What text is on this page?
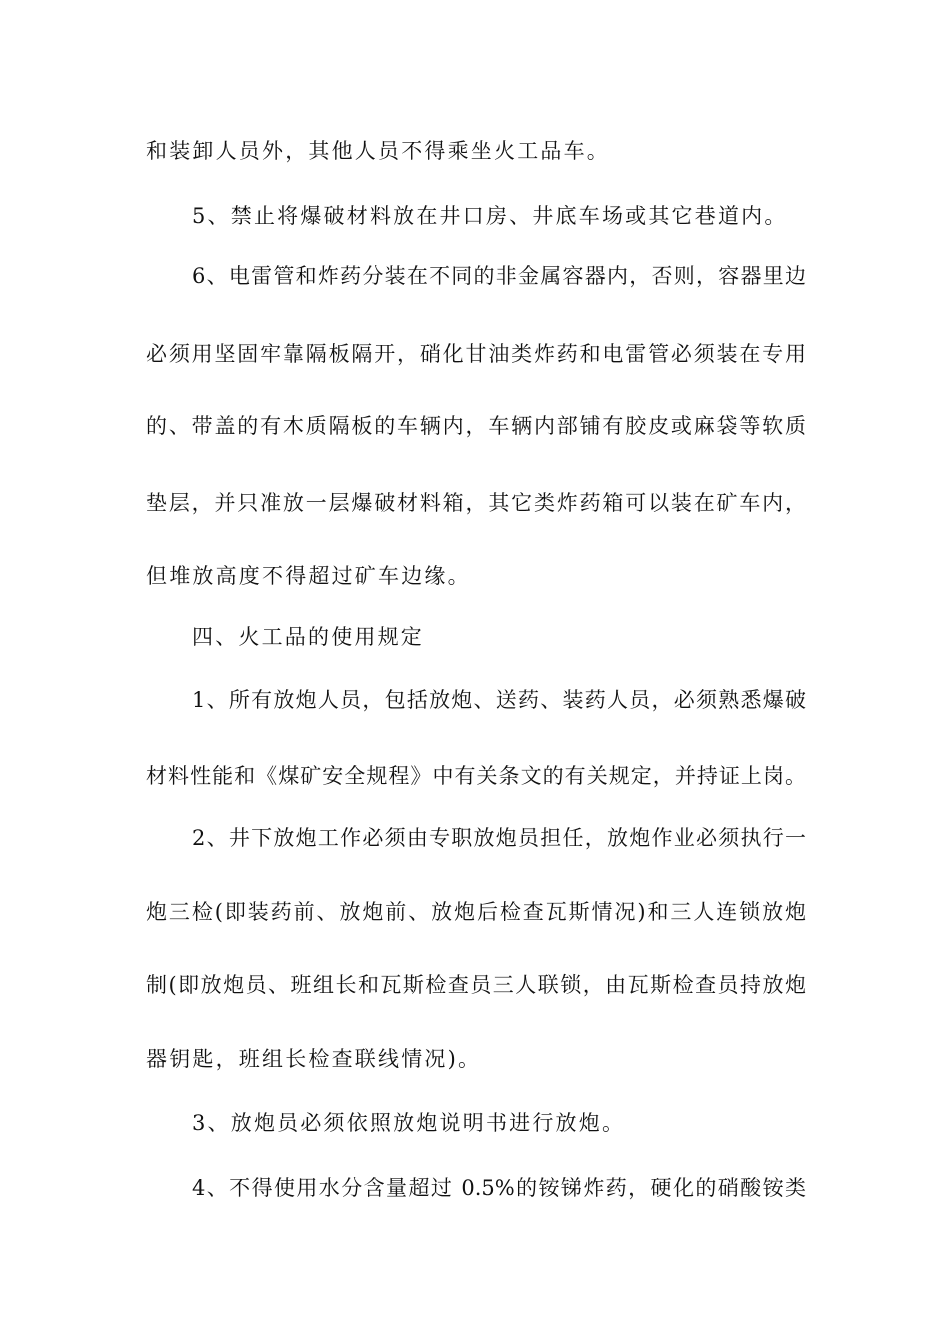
和装卸人员外，其他人员不得乘坐火工品车。
5、禁止将爆破材料放在井口房、井底车场或其它巷道内。
6、电雷管和炸药分装在不同的非金属容器内，否则，容器里边
必须用坚固牢靠隔板隔开，硝化甘油类炸药和电雷管必须装在专用
的、带盖的有木质隔板的车辆内，车辆内部铺有胶皮或麻袋等软质
垫层，并只准放一层爆破材料箱，其它类炸药箱可以装在矿车内，
但堆放高度不得超过矿车边缘。
四、火工品的使用规定
1、所有放炮人员，包括放炮、送药、装药人员，必须熟悉爆破
材料性能和《煤矿安全规程》中有关条文的有关规定，并持证上岗。
2、井下放炮工作必须由专职放炮员担任，放炮作业必须执行一
炮三检(即装药前、放炮前、放炮后检查瓦斯情况)和三人连锁放炮
制(即放炮员、班组长和瓦斯检查员三人联锁，由瓦斯检查员持放炮
器钥匙，班组长检查联线情况)。
3、放炮员必须依照放炮说明书进行放炮。
4、不得使用水分含量超过 0.5%的铵锑炸药，硬化的硝酸铵类
